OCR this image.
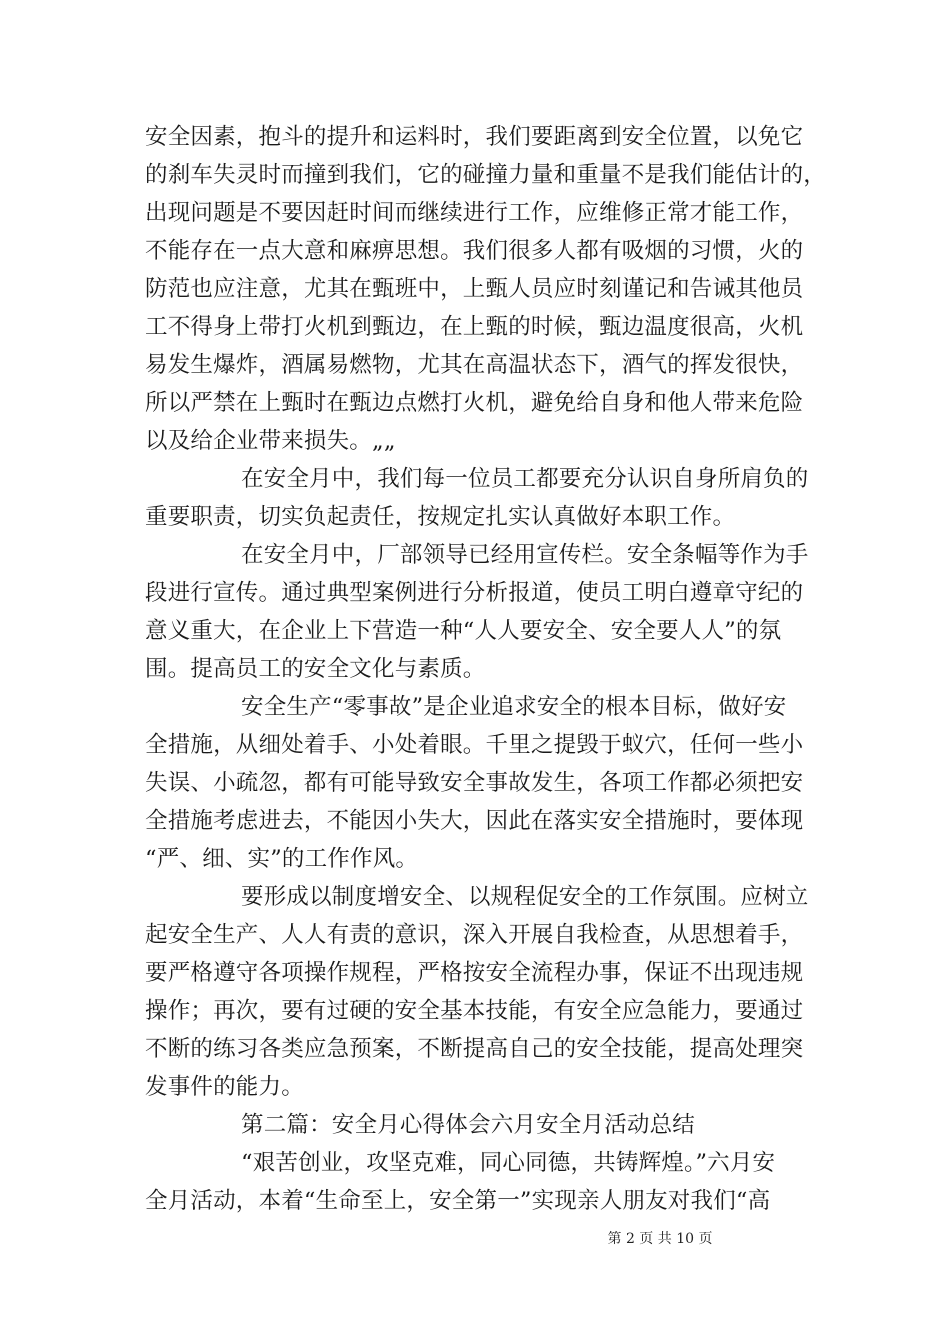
安全因素，抱斗的提升和运料时，我们要距离到安全位置，以免它
的刹车失灵时而撞到我们，它的碰撞力量和重量不是我们能估计的，
出现问题是不要因赶时间而继续进行工作，应维修正常才能工作，
不能存在一点大意和麻痹思想。我们很多人都有吸烟的习惯，火的
防范也应注意，尤其在甄班中，上甄人员应时刻谨记和告诫其他员
工不得身上带打火机到甄边，在上甄的时候，甄边温度很高，火机
易发生爆炸，酒属易燃物，尤其在高温状态下，酒气的挥发很快，
所以严禁在上甄时在甄边点燃打火机，避免给自身和他人带来危险
以及给企业带来损失。„„
在安全月中，我们每一位员工都要充分认识自身所肩负的
重要职责，切实负起责任，按规定扎实认真做好本职工作。
在安全月中，厂部领导已经用宣传栏。安全条幅等作为手
段进行宣传。通过典型案例进行分析报道，使员工明白遵章守纪的
意义重大，在企业上下营造一种“人人要安全、安全要人人”的氛
围。提高员工的安全文化与素质。
安全生产“零事故”是企业追求安全的根本目标，做好安
全措施，从细处着手、小处着眼。千里之提毁于蚁穴，任何一些小
失误、小疏忽，都有可能导致安全事故发生，各项工作都必须把安
全措施考虑进去，不能因小失大，因此在落实安全措施时，要体现
“严、细、实”的工作作风。
要形成以制度增安全、以规程促安全的工作氛围。应树立
起安全生产、人人有责的意识，深入开展自我检查，从思想着手，
要严格遵守各项操作规程，严格按安全流程办事，保证不出现违规
操作；再次，要有过硬的安全基本技能，有安全应急能力，要通过
不断的练习各类应急预案，不断提高自己的安全技能，提高处理突
发事件的能力。
第二篇：安全月心得体会六月安全月活动总结
“艰苦创业，攻坚克难，同心同德，共铸辉煌。”六月安
全月活动，本着“生命至上，安全第一”实现亲人朋友对我们“高
第 2 页 共 10 页
